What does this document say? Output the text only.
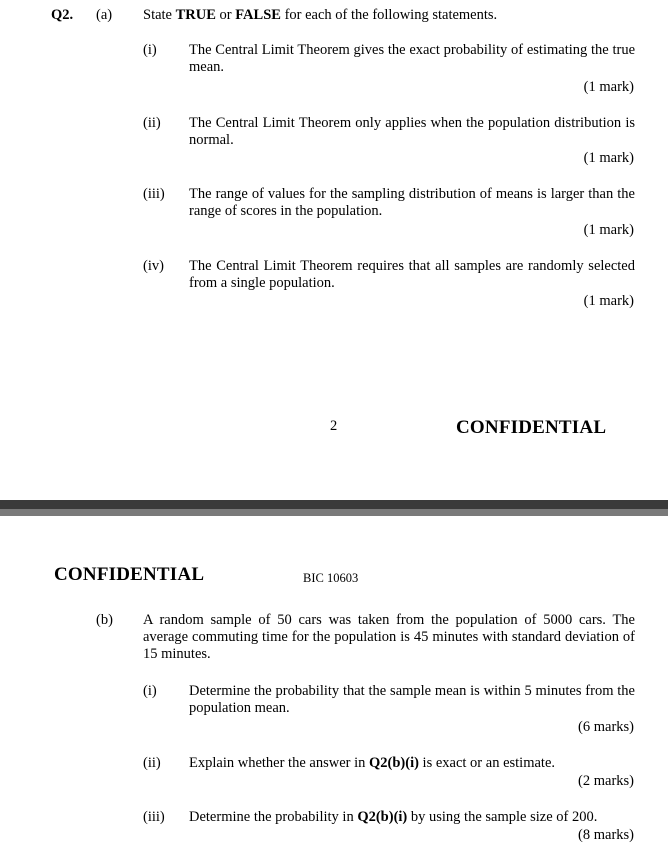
Q2. (a) State TRUE or FALSE for each of the following statements.
(i) The Central Limit Theorem gives the exact probability of estimating the true mean.
(1 mark)
(ii) The Central Limit Theorem only applies when the population distribution is normal.
(1 mark)
(iii) The range of values for the sampling distribution of means is larger than the range of scores in the population.
(1 mark)
(iv) The Central Limit Theorem requires that all samples are randomly selected from a single population.
(1 mark)
2	CONFIDENTIAL
CONFIDENTIAL	BIC 10603
(b) A random sample of 50 cars was taken from the population of 5000 cars. The average commuting time for the population is 45 minutes with standard deviation of 15 minutes.
(i) Determine the probability that the sample mean is within 5 minutes from the population mean.
(6 marks)
(ii) Explain whether the answer in Q2(b)(i) is exact or an estimate.
(2 marks)
(iii) Determine the probability in Q2(b)(i) by using the sample size of 200.
(8 marks)
